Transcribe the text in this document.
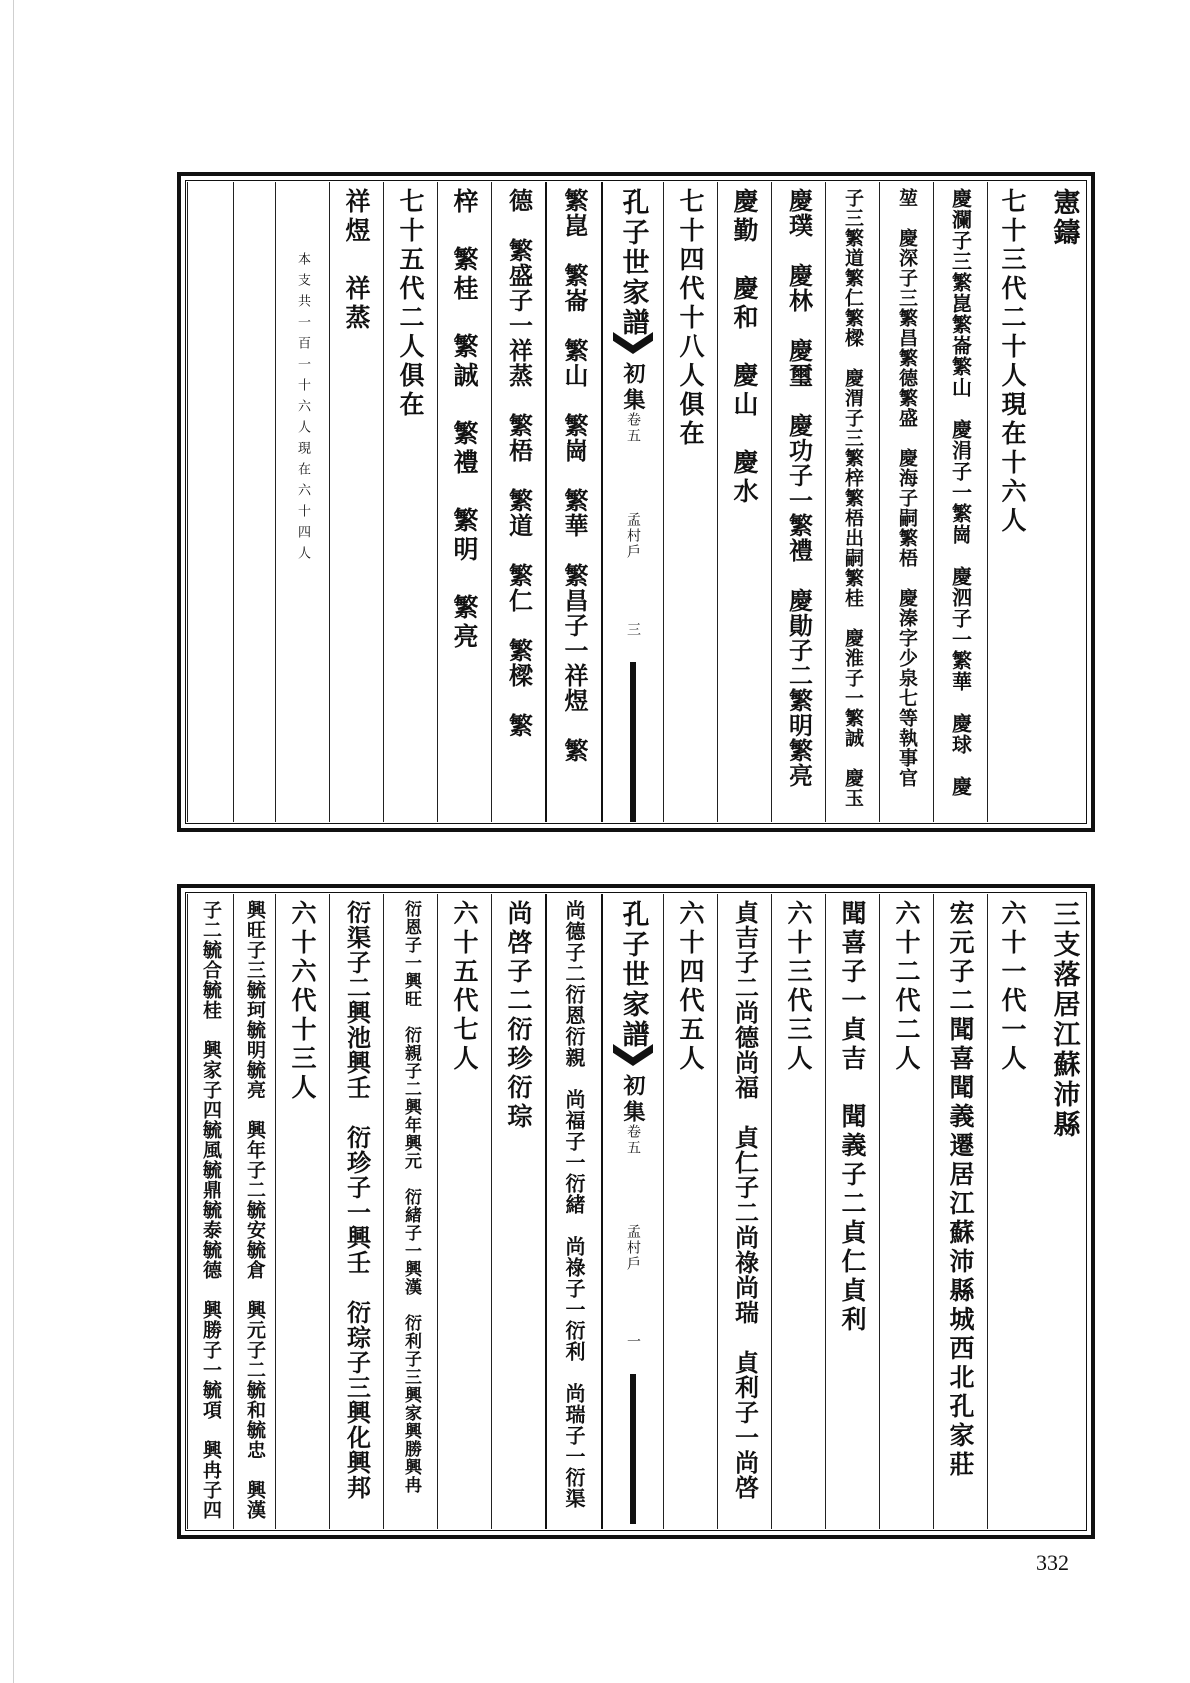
憲鑄
七十三代二十人現在十六人
慶瀾子三繁崑繁崙繁山　慶涓子一繁崗　慶泗子一繁華　慶球　慶
堃　慶深子三繁昌繁德繁盛　慶海子嗣繁梧　慶溱字少泉七等執事官
子三繁道繁仁繁樑　慶渭子三繁梓繁梧出嗣繁桂　慶淮子一繁誠　慶玉
慶璞　慶林　慶璽　慶功子一繁禮　慶勛子二繁明繁亮
慶勤　慶和　慶山　慶水
七十四代十八人俱在
孔子世家譜
初集
卷五
孟村戶
三
繁崑　繁崙　繁山　繁崗　繁華　繁昌子一祥煜　繁
德　繁盛子一祥蒸　繁梧　繁道　繁仁　繁樑　繁
梓　繁桂　繁誠　繁禮　繁明　繁亮
七十五代二人俱在
祥煜　祥蒸
本支共一百一十六人現在六十四人
三支落居江蘇沛縣
六十一代一人
宏元子二聞喜聞義遷居江蘇沛縣城西北孔家莊
六十二代二人
聞喜子一貞吉　聞義子二貞仁貞利
六十三代三人
貞吉子二尚德尚福　貞仁子二尚祿尚瑞　貞利子一尚啓
六十四代五人
孔子世家譜
初集
卷五
孟村戶
一
尚德子二衍恩衍親　尚福子一衍緒　尚祿子一衍利　尚瑞子一衍渠
尚啓子二衍珍衍琮
六十五代七人
衍恩子一興旺　衍親子二興年興元　衍緒子一興漢　衍利子三興家興勝興冉
衍渠子二興池興壬　衍珍子一興壬　衍琮子三興化興邦
六十六代十三人
興旺子三毓珂毓明毓亮　興年子二毓安毓倉　興元子二毓和毓忠　興漢
子二毓合毓桂　興家子四毓風毓鼎毓泰毓德　興勝子一毓項　興冉子四
332
